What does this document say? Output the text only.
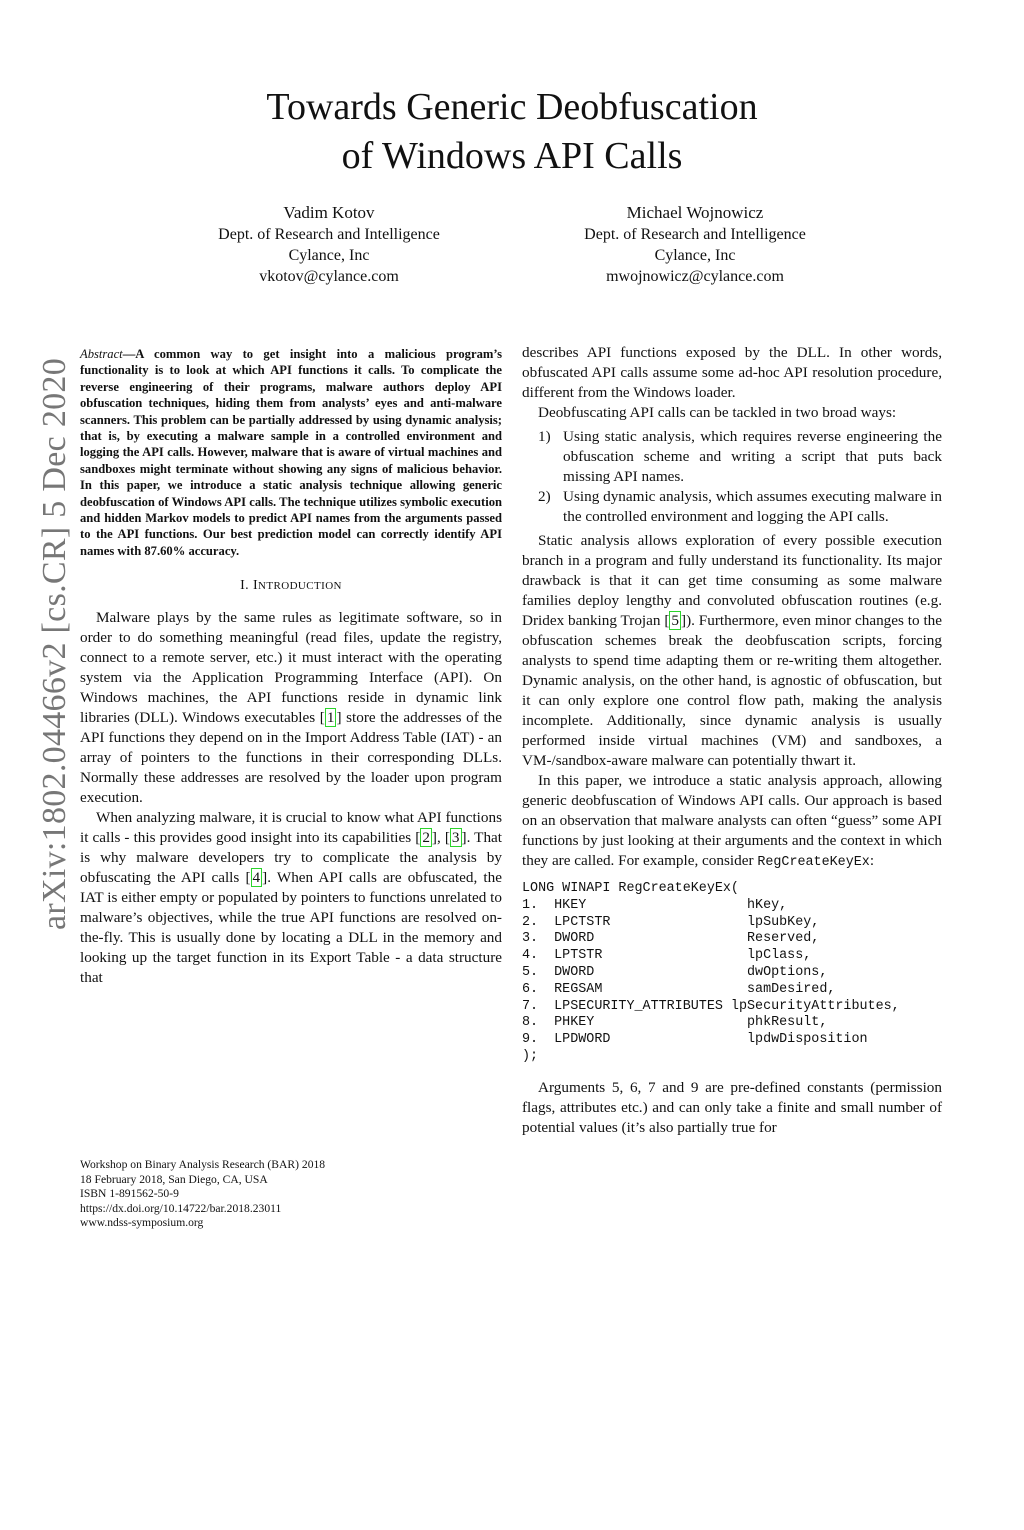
arXiv:1802.04466v2 [cs.CR] 5 Dec 2020
Towards Generic Deobfuscation
of Windows API Calls
Vadim Kotov
Dept. of Research and Intelligence
Cylance, Inc
vkotov@cylance.com
Michael Wojnowicz
Dept. of Research and Intelligence
Cylance, Inc
mwojnowicz@cylance.com
Abstract—A common way to get insight into a malicious program’s functionality is to look at which API functions it calls. To complicate the reverse engineering of their programs, malware authors deploy API obfuscation techniques, hiding them from analysts’ eyes and anti-malware scanners. This problem can be partially addressed by using dynamic analysis; that is, by executing a malware sample in a controlled environment and logging the API calls. However, malware that is aware of virtual machines and sandboxes might terminate without showing any signs of malicious behavior. In this paper, we introduce a static analysis technique allowing generic deobfuscation of Windows API calls. The technique utilizes symbolic execution and hidden Markov models to predict API names from the arguments passed to the API functions. Our best prediction model can correctly identify API names with 87.60% accuracy.
I. INTRODUCTION

Malware plays by the same rules as legitimate software, so in order to do something meaningful (read files, update the registry, connect to a remote server, etc.) it must interact with the operating system via the Application Programming Interface (API). On Windows machines, the API functions reside in dynamic link libraries (DLL). Windows executables [ 1 ] store the addresses of the API functions they depend on in the Import Address Table (IAT) - an array of pointers to the functions in their corresponding DLLs. Normally these addresses are resolved by the loader upon program execution.

When analyzing malware, it is crucial to know what API functions it calls - this provides good insight into its capabilities [ 2 ], [ 3 ]. That is why malware developers try to complicate the analysis by obfuscating the API calls [ 4 ]. When API calls are obfuscated, the IAT is either empty or populated by pointers to functions unrelated to malware’s objectives, while the true API functions are resolved on-the-fly. This is usually done by locating a DLL in the memory and looking up the target function in its Export Table - a data structure that

describes API functions exposed by the DLL. In other words, obfuscated API calls assume some ad-hoc API resolution procedure, different from the Windows loader.

Deobfuscating API calls can be tackled in two broad ways:

1) Using static analysis, which requires reverse engineering the obfuscation scheme and writing a script that puts back missing API names.
2) Using dynamic analysis, which assumes executing malware in the controlled environment and logging the API calls.

Static analysis allows exploration of every possible execution branch in a program and fully understand its functionality. Its major drawback is that it can get time consuming as some malware families deploy lengthy and convoluted obfuscation routines (e.g. Dridex banking Trojan [ 5 ]). Furthermore, even minor changes to the obfuscation schemes break the deobfuscation scripts, forcing analysts to spend time adapting them or re-writing them altogether. Dynamic analysis, on the other hand, is agnostic of obfuscation, but it can only explore one control flow path, making the analysis incomplete. Additionally, since dynamic analysis is usually performed inside virtual machines (VM) and sandboxes, a VM-/sandbox-aware malware can potentially thwart it.

In this paper, we introduce a static analysis approach, allowing generic deobfuscation of Windows API calls. Our approach is based on an observation that malware analysts can often “guess” some API functions by just looking at their arguments and the context in which they are called. For example, consider RegCreateKeyEx:

LONG WINAPI RegCreateKeyEx(
1.  HKEY                    hKey,
2.  LPCTSTR                 lpSubKey,
3.  DWORD                   Reserved,
4.  LPTSTR                  lpClass,
5.  DWORD                   dwOptions,
6.  REGSAM                  samDesired,
7.  LPSECURITY_ATTRIBUTES lpSecurityAttributes,
8.  PHKEY                   phkResult,
9.  LPDWORD                 lpdwDisposition
);

Arguments 5, 6, 7 and 9 are pre-defined constants (permission flags, attributes etc.) and can only take a finite and small number of potential values (it’s also partially true for

Workshop on Binary Analysis Research (BAR) 2018
18 February 2018, San Diego, CA, USA
ISBN 1-891562-50-9
https://dx.doi.org/10.14722/bar.2018.23011
www.ndss-symposium.org
